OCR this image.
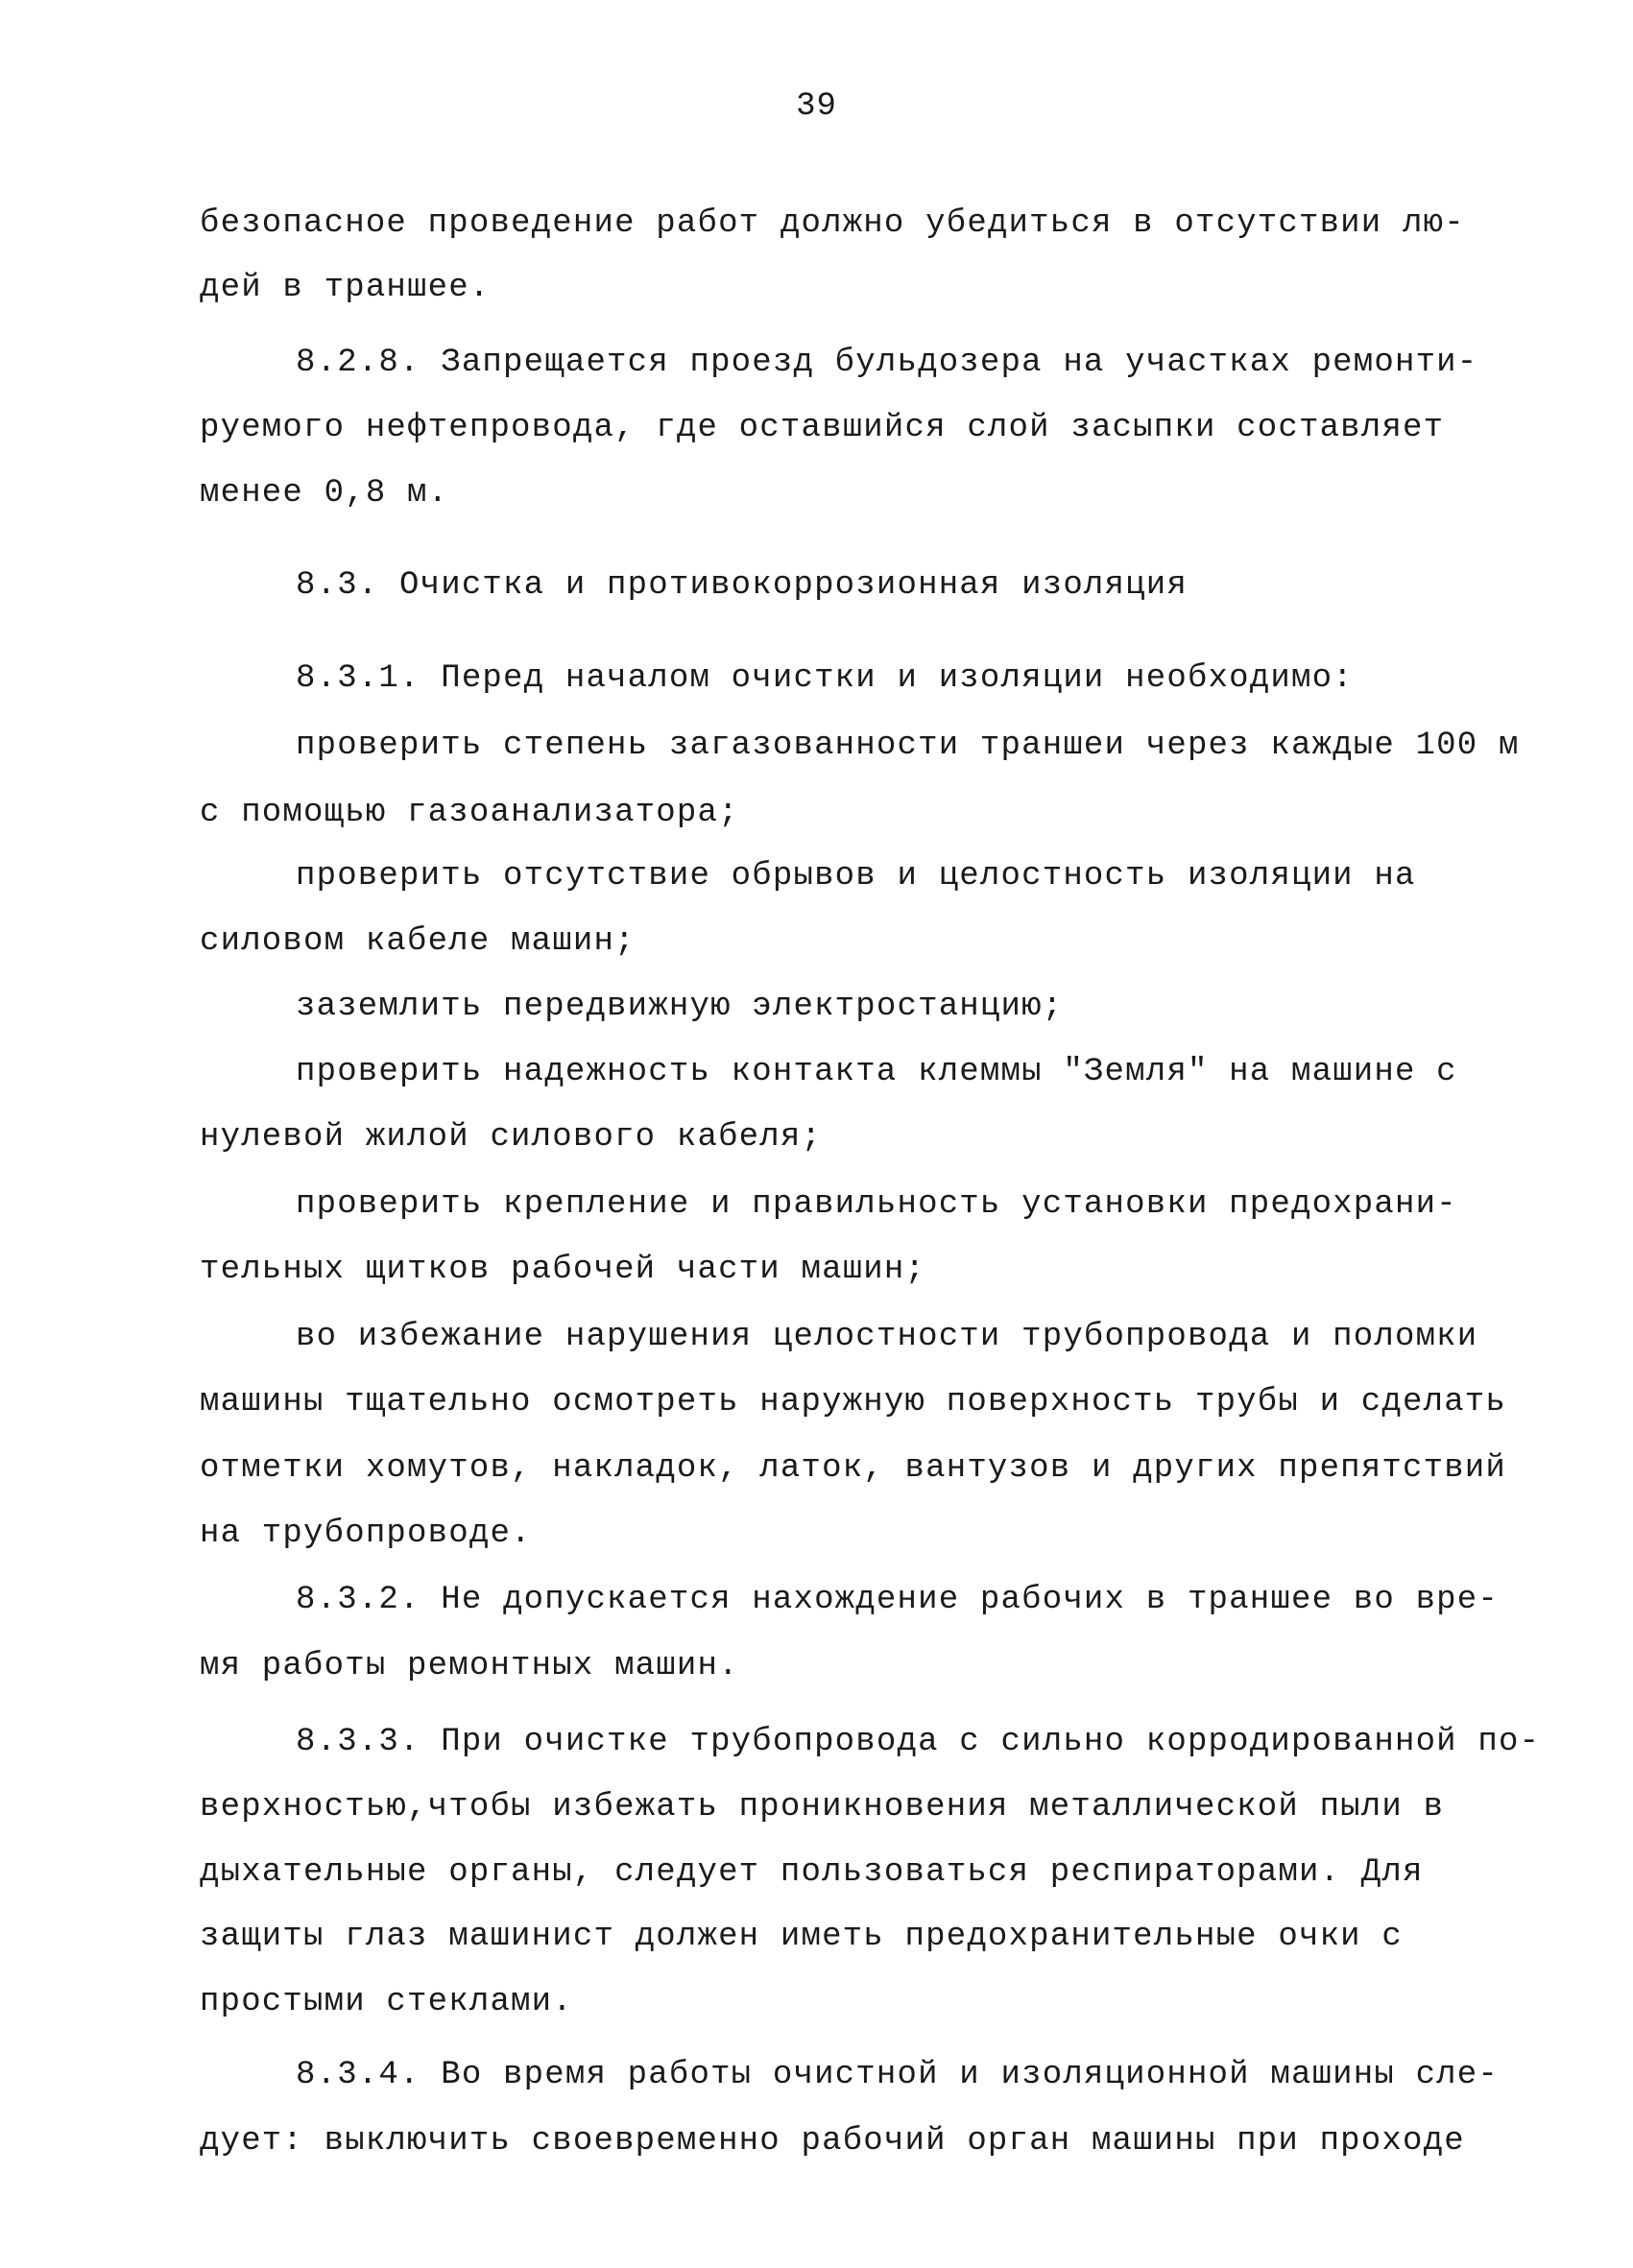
39
безопасное проведение работ должно убедиться в отсутствии лю-
дей в траншее.
8.2.8. Запрещается проезд бульдозера на участках ремонти-
руемого нефтепровода, где оставшийся слой засыпки составляет
менее 0,8 м.
8.3. Очистка и противокоррозионная изоляция
8.3.1. Перед началом очистки и изоляции необходимо:
проверить степень загазованности траншеи через каждые 100 м
с помощью газоанализатора;
проверить отсутствие обрывов и целостность изоляции на
силовом кабеле машин;
заземлить передвижную электростанцию;
проверить надежность контакта клеммы "Земля" на машине с
нулевой жилой силового кабеля;
проверить крепление и правильность установки предохрани-
тельных щитков рабочей части машин;
во избежание нарушения целостности трубопровода и поломки
машины тщательно осмотреть наружную поверхность трубы и сделать
отметки хомутов, накладок, латок, вантузов и других препятствий
на трубопроводе.
8.3.2. Не допускается нахождение рабочих в траншее во вре-
мя работы ремонтных машин.
8.3.3. При очистке трубопровода с сильно корродированной по-
верхностью,чтобы избежать проникновения металлической пыли в
дыхательные органы, следует пользоваться респираторами. Для
защиты глаз машинист должен иметь предохранительные очки с
простыми стеклами.
8.3.4. Во время работы очистной и изоляционной машины сле-
дует: выключить своевременно рабочий орган машины при проходе
